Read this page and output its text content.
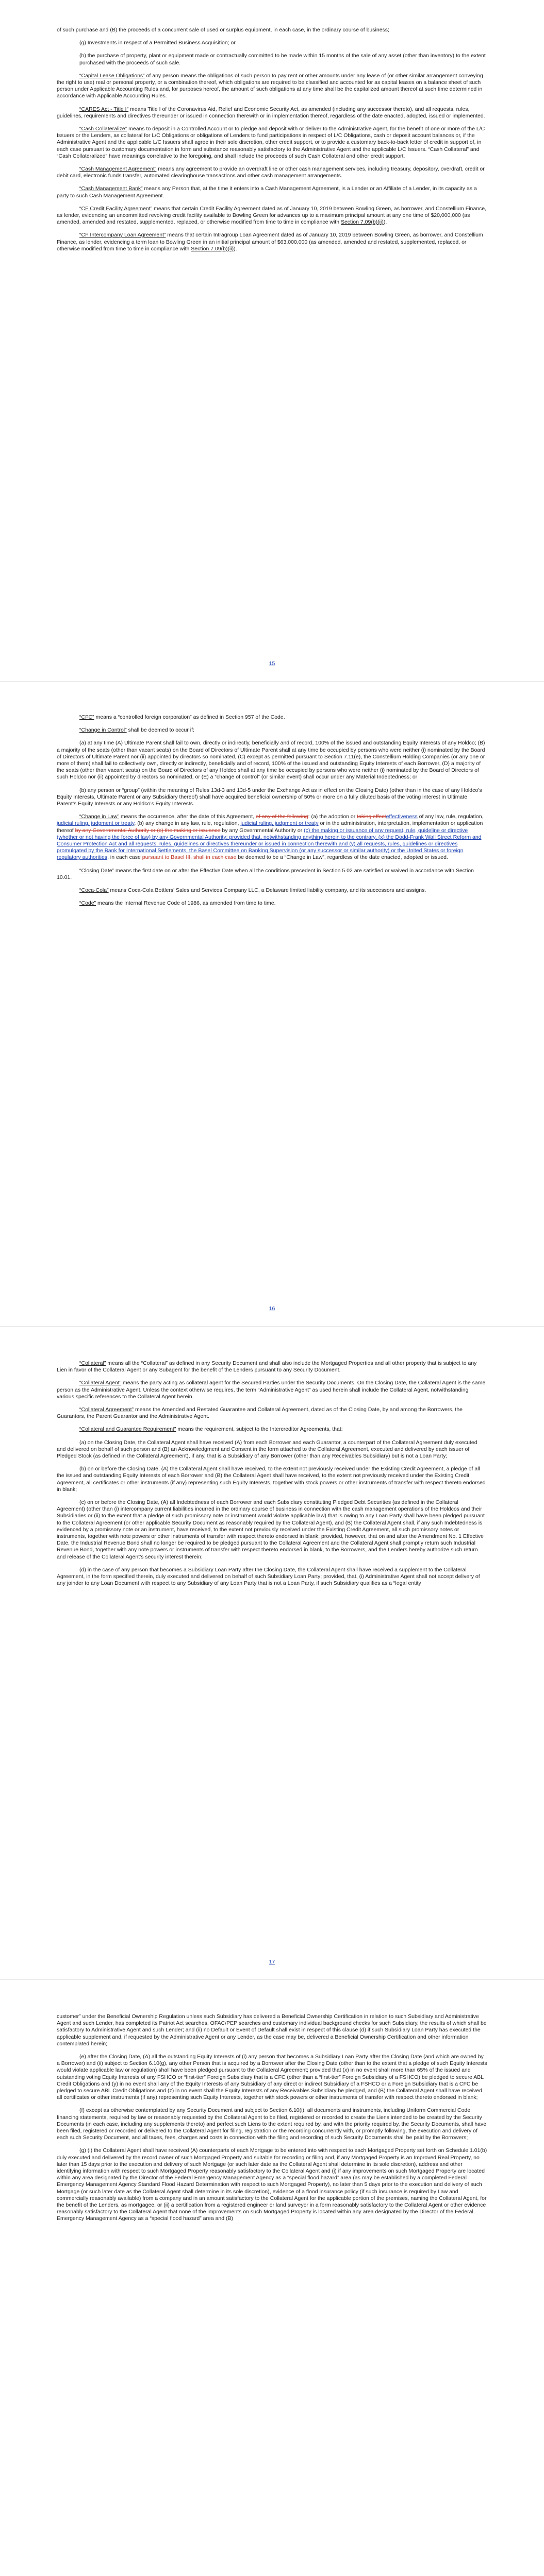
of such purchase and (B) the proceeds of a concurrent sale of used or surplus equipment, in each case, in the ordinary course of business;

(g) Investments in respect of a Permitted Business Acquisition; or

(h) the purchase of property, plant or equipment made or contractually committed to be made within 15 months of the sale of any asset (other than inventory) to the extent purchased with the proceeds of such sale.

“Capital Lease Obligations” of any person means the obligations of such person to pay rent or other amounts under any lease of (or other similar arrangement conveying the right to use) real or personal property, or a combination thereof, which obligations are required to be classified and accounted for as capital leases on a balance sheet of such person under Applicable Accounting Rules and, for purposes hereof, the amount of such obligations at any time shall be the capitalized amount thereof at such time determined in accordance with Applicable Accounting Rules.

“CARES Act - Title I” means Title I of the Coronavirus Aid, Relief and Economic Security Act, as amended (including any successor thereto), and all requests, rules, guidelines, requirements and directives thereunder or issued in connection therewith or in implementation thereof, regardless of the date enacted, adopted, issued or implemented.

“Cash Collateralize” means to deposit in a Controlled Account or to pledge and deposit with or deliver to the Administrative Agent, for the benefit of one or more of the L/C Issuers or the Lenders, as collateral for L/C Obligations or obligations of Lenders to fund participations in respect of L/C Obligations, cash or deposit account balances or, if the Administrative Agent and the applicable L/C Issuers shall agree in their sole discretion, other credit support, or to provide a customary back-to-back letter of credit in support of, in each case pursuant to customary documentation in form and substance reasonably satisfactory to the Administrative Agent and the applicable L/C Issuers. “Cash Collateral” and “Cash Collateralized” have meanings correlative to the foregoing, and shall include the proceeds of such Cash Collateral and other credit support.

“Cash Management Agreement” means any agreement to provide an overdraft line or other cash management services, including treasury, depository, overdraft, credit or debit card, electronic funds transfer, automated clearinghouse transactions and other cash management arrangements.

“Cash Management Bank” means any Person that, at the time it enters into a Cash Management Agreement, is a Lender or an Affiliate of a Lender, in its capacity as a party to such Cash Management Agreement.

“CF Credit Facility Agreement” means that certain Credit Facility Agreement dated as of January 10, 2019 between Bowling Green, as borrower, and Constellium Finance, as lender, evidencing an uncommitted revolving credit facility available to Bowling Green for advances up to a maximum principal amount at any one time of $20,000,000 (as amended, amended and restated, supplemented, replaced, or otherwise modified from time to time in compliance with Section 7.09(b)(ii)).

“CF Intercompany Loan Agreement” means that certain Intragroup Loan Agreement dated as of January 10, 2019 between Bowling Green, as borrower, and Constellium Finance, as lender, evidencing a term loan to Bowling Green in an initial principal amount of $63,000,000 (as amended, amended and restated, supplemented, replaced, or otherwise modified from time to time in compliance with Section 7.09(b)(ii)).

15

“CFC” means a “controlled foreign corporation” as defined in Section 957 of the Code.

“Change in Control” shall be deemed to occur if:

(a) at any time (A) Ultimate Parent shall fail to own, directly or indirectly, beneficially and of record, 100% of the issued and outstanding Equity Interests of any Holdco; (B) a majority of the seats (other than vacant seats) on the Board of Directors of Ultimate Parent shall at any time be occupied by persons who were neither (i) nominated by the Board of Directors of Ultimate Parent nor (ii) appointed by directors so nominated, (C) except as permitted pursuant to Section 7.11(e), the Constellium Holding Companies (or any one or more of them) shall fail to collectively own, directly or indirectly, beneficially and of record, 100% of the issued and outstanding Equity Interests of each Borrower, (D) a majority of the seats (other than vacant seats) on the Board of Directors of any Holdco shall at any time be occupied by persons who were neither (i) nominated by the Board of Directors of such Holdco nor (ii) appointed by directors so nominated, or (E) a “change of control” (or similar event) shall occur under any Material Indebtedness; or

(b) any person or “group” (within the meaning of Rules 13d-3 and 13d-5 under the Exchange Act as in effect on the Closing Date) (other than in the case of any Holdco’s Equity Interests, Ultimate Parent or any Subsidiary thereof) shall have acquired beneficial ownership of 50% or more on a fully diluted basis of the voting interest in Ultimate Parent’s Equity Interests or any Holdco’s Equity Interests.

“Change in Law” means the occurrence, after the date of this Agreement, of any of the following: (a) the adoption or taking effecteffectiveness of any law, rule, regulation, judicial ruling, judgment or treaty, (b) any change in any law, rule, regulation, judicial ruling, judgment or treaty or in the administration, interpretation, implementation or application thereof by any Governmental Authority or (c) the making or issuance by any Governmental Authority or (c) the making or issuance of any request, rule, guideline or directive (whether or not having the force of law) by any Governmental Authority; provided that, notwithstanding anything herein to the contrary, (x) the Dodd-Frank Wall Street Reform and Consumer Protection Act and all requests, rules, guidelines or directives thereunder or issued in connection therewith and (y) all requests, rules, guidelines or directives promulgated by the Bank for International Settlements, the Basel Committee on Banking Supervision (or any successor or similar authority) or the United States or foreign regulatory authorities, in each case pursuant to Basel III, shall in each case be deemed to be a “Change in Law”, regardless of the date enacted, adopted or issued.

“Closing Date” means the first date on or after the Effective Date when all the conditions precedent in Section 5.02 are satisfied or waived in accordance with Section 10.01.

“Coca-Cola” means Coca-Cola Bottlers’ Sales and Services Company LLC, a Delaware limited liability company, and its successors and assigns.

“Code” means the Internal Revenue Code of 1986, as amended from time to time.

16

“Collateral” means all the “Collateral” as defined in any Security Document and shall also include the Mortgaged Properties and all other property that is subject to any Lien in favor of the Collateral Agent or any Subagent for the benefit of the Lenders pursuant to any Security Document.

“Collateral Agent” means the party acting as collateral agent for the Secured Parties under the Security Documents. On the Closing Date, the Collateral Agent is the same person as the Administrative Agent. Unless the context otherwise requires, the term “Administrative Agent” as used herein shall include the Collateral Agent, notwithstanding various specific references to the Collateral Agent herein.

“Collateral Agreement” means the Amended and Restated Guarantee and Collateral Agreement, dated as of the Closing Date, by and among the Borrowers, the Guarantors, the Parent Guarantor and the Administrative Agent.

“Collateral and Guarantee Requirement” means the requirement, subject to the Intercreditor Agreements, that:

(a) on the Closing Date, the Collateral Agent shall have received (A) from each Borrower and each Guarantor, a counterpart of the Collateral Agreement duly executed and delivered on behalf of such person and (B) an Acknowledgment and Consent in the form attached to the Collateral Agreement, executed and delivered by each issuer of Pledged Stock (as defined in the Collateral Agreement), if any, that is a Subsidiary of any Borrower (other than any Receivables Subsidiary) but is not a Loan Party;

(b) on or before the Closing Date, (A) the Collateral Agent shall have received, to the extent not previously received under the Existing Credit Agreement, a pledge of all the issued and outstanding Equity Interests of each Borrower and (B) the Collateral Agent shall have received, to the extent not previously received under the Existing Credit Agreement, all certificates or other instruments (if any) representing such Equity Interests, together with stock powers or other instruments of transfer with respect thereto endorsed in blank;

(c) on or before the Closing Date, (A) all Indebtedness of each Borrower and each Subsidiary constituting Pledged Debt Securities (as defined in the Collateral Agreement) (other than (i) intercompany current liabilities incurred in the ordinary course of business in connection with the cash management operations of the Holdcos and their Subsidiaries or (ii) to the extent that a pledge of such promissory note or instrument would violate applicable law) that is owing to any Loan Party shall have been pledged pursuant to the Collateral Agreement (or other applicable Security Document as reasonably required by the Collateral Agent), and (B) the Collateral Agent shall, if any such Indebtedness is evidenced by a promissory note or an instrument, have received, to the extent not previously received under the Existing Credit Agreement, all such promissory notes or instruments, together with note powers or other instruments of transfer with respect thereto endorsed in blank; provided, however, that on and after the Amendment No. 1 Effective Date, the Industrial Revenue Bond shall no longer be required to be pledged pursuant to the Collateral Agreement and the Collateral Agent shall promptly return such Industrial Revenue Bond, together with any note powers or instruments of transfer with respect thereto endorsed in blank, to the Borrowers, and the Lenders hereby authorize such return and release of the Collateral Agent’s security interest therein;

(d) in the case of any person that becomes a Subsidiary Loan Party after the Closing Date, the Collateral Agent shall have received a supplement to the Collateral Agreement, in the form specified therein, duly executed and delivered on behalf of such Subsidiary Loan Party; provided, that, (i) Administrative Agent shall not accept delivery of any joinder to any Loan Document with respect to any Subsidiary of any Loan Party that is not a Loan Party, if such Subsidiary qualifies as a “legal entity

17

customer” under the Beneficial Ownership Regulation unless such Subsidiary has delivered a Beneficial Ownership Certification in relation to such Subsidiary and Administrative Agent and such Lender, has completed its Patriot Act searches, OFAC/PEP searches and customary individual background checks for such Subsidiary, the results of which shall be satisfactory to Administrative Agent and such Lender; and (ii) no Default or Event of Default shall exist in respect of this clause (d) if such Subsidiary Loan Party has executed the applicable supplement and, if requested by the Administrative Agent or any Lender, as the case may be, delivered a Beneficial Ownership Certification and other information contemplated herein;

(e) after the Closing Date, (A) all the outstanding Equity Interests of (i) any person that becomes a Subsidiary Loan Party after the Closing Date (and which are owned by a Borrower) and (ii) subject to Section 6.10(g), any other Person that is acquired by a Borrower after the Closing Date (other than to the extent that a pledge of such Equity Interests would violate applicable law or regulation) shall have been pledged pursuant to the Collateral Agreement; provided that (x) in no event shall more than 65% of the issued and outstanding voting Equity Interests of any FSHCO or “first-tier” Foreign Subsidiary that is a CFC (other than a “first-tier” Foreign Subsidiary of a FSHCO) be pledged to secure ABL Credit Obligations and (y) in no event shall any of the Equity Interests of any Subsidiary of any direct or indirect Subsidiary of a FSHCO or a Foreign Subsidiary that is a CFC be pledged to secure ABL Credit Obligations and (z) in no event shall the Equity Interests of any Receivables Subsidiary be pledged, and (B) the Collateral Agent shall have received all certificates or other instruments (if any) representing such Equity Interests, together with stock powers or other instruments of transfer with respect thereto endorsed in blank;

(f) except as otherwise contemplated by any Security Document and subject to Section 6.10(i), all documents and instruments, including Uniform Commercial Code financing statements, required by law or reasonably requested by the Collateral Agent to be filed, registered or recorded to create the Liens intended to be created by the Security Documents (in each case, including any supplements thereto) and perfect such Liens to the extent required by, and with the priority required by, the Security Documents, shall have been filed, registered or recorded or delivered to the Collateral Agent for filing, registration or the recording concurrently with, or promptly following, the execution and delivery of each such Security Document, and all taxes, fees, charges and costs in connection with the filing and recording of such Security Documents shall be paid by the Borrowers;

(g) (i) the Collateral Agent shall have received (A) counterparts of each Mortgage to be entered into with respect to each Mortgaged Property set forth on Schedule 1.01(b) duly executed and delivered by the record owner of such Mortgaged Property and suitable for recording or filing and, if any Mortgaged Property is an Improved Real Property, no later than 15 days prior to the execution and delivery of such Mortgage (or such later date as the Collateral Agent shall determine in its sole discretion), address and other identifying information with respect to such Mortgaged Property reasonably satisfactory to the Collateral Agent and (i) if any improvements on such Mortgaged Property are located within any area designated by the Director of the Federal Emergency Management Agency as a “special flood hazard” area (as may be established by a completed Federal Emergency Management Agency Standard Flood Hazard Determination with respect to such Mortgaged Property), no later than 5 days prior to the execution and delivery of such Mortgage (or such later date as the Collateral Agent shall determine in its sole discretion), evidence of a flood insurance policy (if such insurance is required by Law and commercially reasonably available) from a company and in an amount satisfactory to the Collateral Agent for the applicable portion of the premises, naming the Collateral Agent, for the benefit of the Lenders, as mortgagee, or (ii) a certification from a registered engineer or land surveyor in a form reasonably satisfactory to the Collateral Agent or other evidence reasonably satisfactory to the Collateral Agent that none of the improvements on such Mortgaged Property is located within any area designated by the Director of the Federal Emergency Management Agency as a “special flood hazard” area and (B)
